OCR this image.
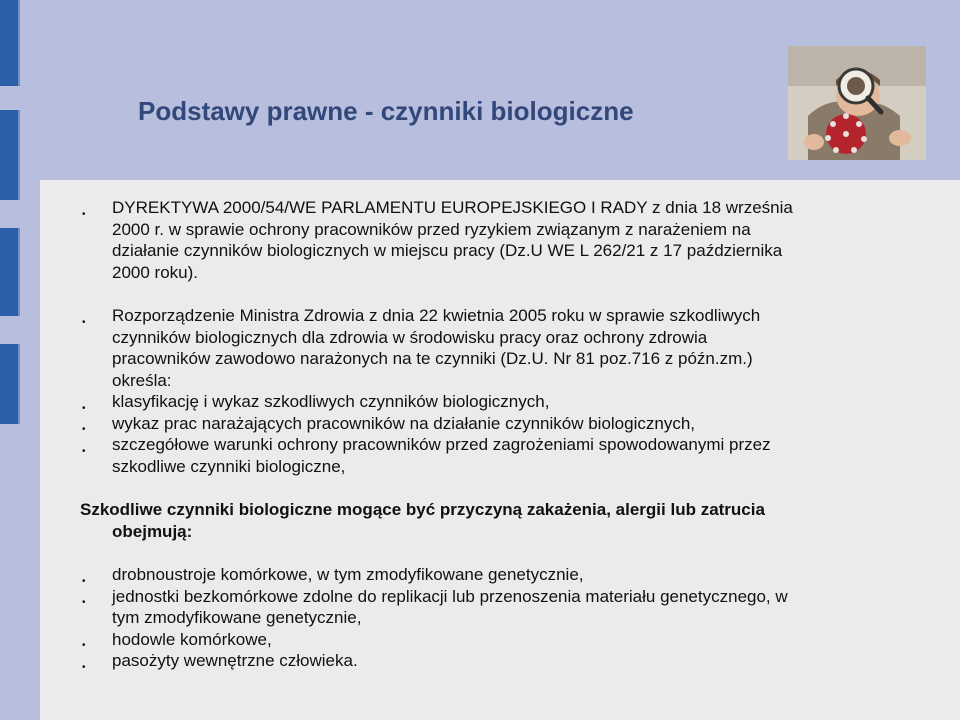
Podstawy prawne - czynniki biologiczne
• DYREKTYWA 2000/54/WE PARLAMENTU EUROPEJSKIEGO I RADY z dnia 18 września
2000 r. w sprawie ochrony pracowników przed ryzykiem związanym z narażeniem na
działanie czynników biologicznych w miejscu pracy (Dz.U WE L 262/21 z 17 października
2000 roku).
• Rozporządzenie Ministra Zdrowia z dnia 22 kwietnia 2005 roku w sprawie szkodliwych
czynników biologicznych dla zdrowia w środowisku pracy oraz ochrony zdrowia
pracowników zawodowo narażonych na te czynniki (Dz.U. Nr 81 poz.716 z późn.zm.)
określa:
• klasyfikację i wykaz szkodliwych czynników biologicznych,
• wykaz prac narażających pracowników na działanie czynników biologicznych,
• szczegółowe warunki ochrony pracowników przed zagrożeniami spowodowanymi przez
szkodliwe czynniki biologiczne,
Szkodliwe czynniki biologiczne mogące być przyczyną zakażenia, alergii lub zatrucia
obejmują:
• drobnoustroje komórkowe, w tym zmodyfikowane genetycznie,
• jednostki bezkomórkowe zdolne do replikacji lub przenoszenia materiału genetycznego, w
tym zmodyfikowane genetycznie,
• hodowle komórkowe,
• pasożyty wewnętrzne człowieka.
